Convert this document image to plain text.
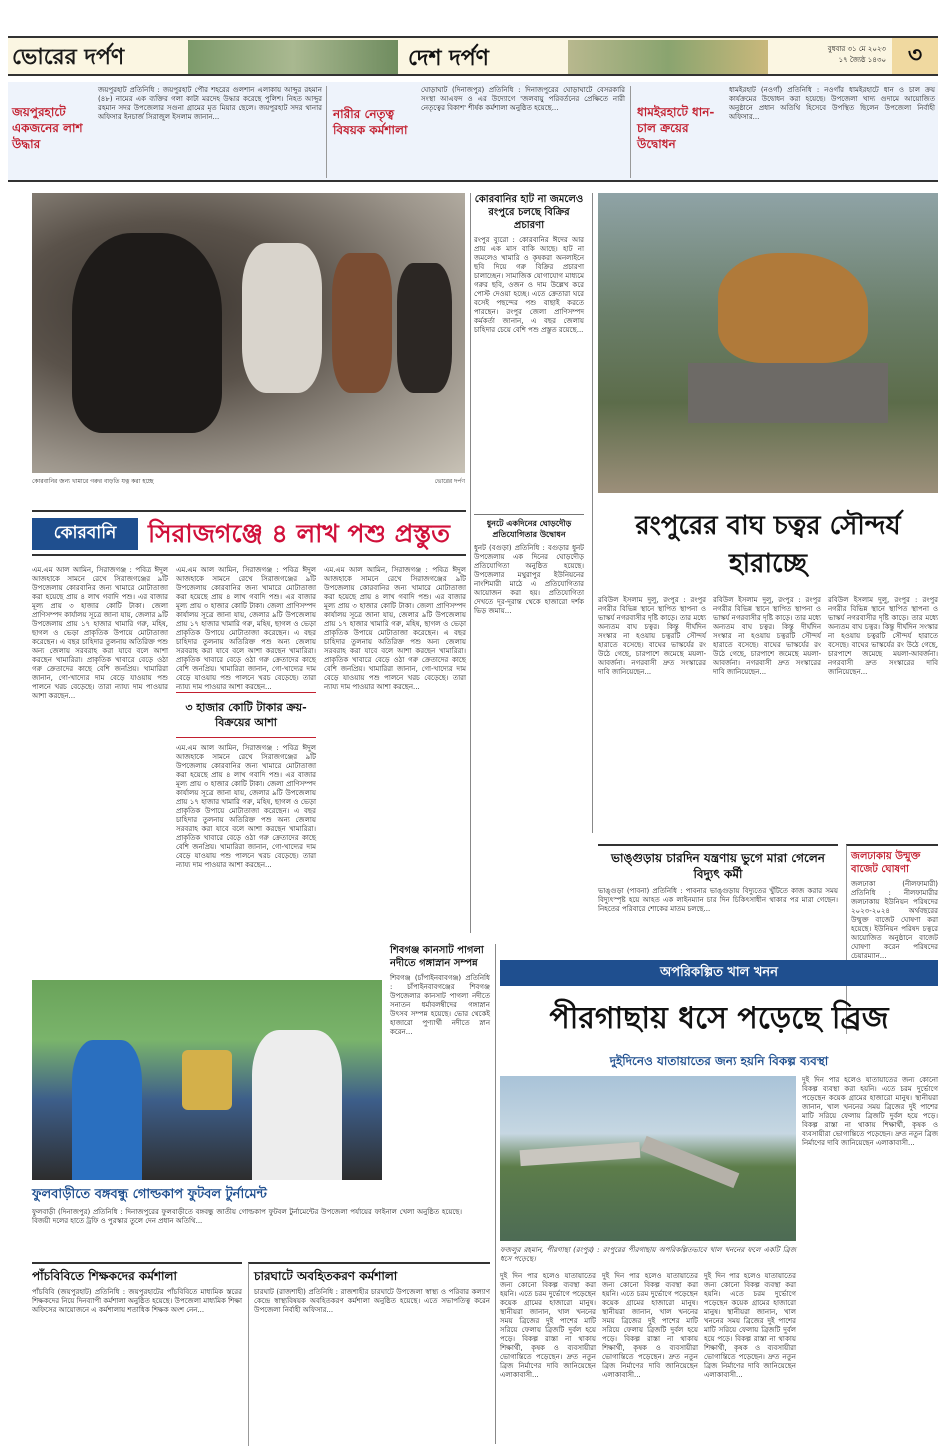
ভোরের দর্পণ	দেশ দর্পণ	বুধবার ৩১ মে ২০২৩
১৭ জ্যৈষ্ঠ ১৪৩০ ৩
জয়পুরহাটে একজনের লাশ উদ্ধার
জয়পুরহাট প্রতিনিধি : জয়পুরহাট পৌর শহরের গুলশান এলাকায় আব্দুর রহমান (৪৮) নামের এক ব্যক্তির গলা কাটা মরদেহ উদ্ধার করেছে পুলিশ। নিহত আব্দুর রহমান সদর উপজেলার সগুনা গ্রামের মৃত মিয়ার ছেলে। জয়পুরহাট সদর থানার অফিসার ইনচার্জ সিরাজুল ইসলাম জানান...	নারীর নেতৃত্ব বিষয়ক কর্মশালা
ঘোড়াঘাট (দিনাজপুর) প্রতিনিধি : দিনাজপুরের ঘোড়াঘাটে বেসরকারি সংস্থা আএফদ ও এর উদ্যোগে 'জলবায়ু পরিবর্তনের প্রেক্ষিতে নারী নেতৃত্বের বিকাশ' শীর্ষক কর্মশালা অনুষ্ঠিত হয়েছে...	ধামইরহাটে ধান-চাল ক্রয়ের উদ্বোধন
ধামইরহাট (নওগাঁ) প্রতিনিধি : নওগাঁর ধামইরহাটে ধান ও চাল ক্রয় কার্যক্রমের উদ্বোধন করা হয়েছে। উপজেলা খাদ্য গুদামে আয়োজিত অনুষ্ঠানে প্রধান অতিথি হিসেবে উপস্থিত ছিলেন উপজেলা নির্বাহী অফিসার...
কোরবানির জন্য খামারে গরুর বাড়তি যত্ন করা হচ্ছে	ভোরের দর্পণ
কোরবানি সিরাজগঞ্জে ৪ লাখ পশু প্রস্তুত
এম.এম আল আমিন, সিরাজগঞ্জ : পবিত্র ঈদুল আজহাকে সামনে রেখে সিরাজগঞ্জের ৯টি উপজেলায় কোরবানির জন্য খামারে মোটাতাজা করা হয়েছে প্রায় ৪ লাখ গবাদি পশু। এর বাজার মূল্য প্রায় ৩ হাজার কোটি টাকা। জেলা প্রাণিসম্পদ কার্যালয় সূত্রে জানা যায়, জেলার ৯টি উপজেলায় প্রায় ১৭ হাজার খামারি গরু, মহিষ, ছাগল ও ভেড়া প্রাকৃতিক উপায়ে মোটাতাজা করেছেন। এ বছর চাহিদার তুলনায় অতিরিক্ত পশু অন্য জেলায় সরবরাহ করা যাবে বলে আশা করছেন খামারিরা। প্রাকৃতিক খাবারে বেড়ে ওঠা গরু ক্রেতাদের কাছে বেশি জনপ্রিয়। খামারিরা জানান, গো-খাদ্যের দাম বেড়ে যাওয়ায় পশু পালনে খরচ বেড়েছে। তারা ন্যায্য দাম পাওয়ার আশা করছেন...
এম.এম আল আমিন, সিরাজগঞ্জ : পবিত্র ঈদুল আজহাকে সামনে রেখে সিরাজগঞ্জের ৯টি উপজেলায় কোরবানির জন্য খামারে মোটাতাজা করা হয়েছে প্রায় ৪ লাখ গবাদি পশু। এর বাজার মূল্য প্রায় ৩ হাজার কোটি টাকা। জেলা প্রাণিসম্পদ কার্যালয় সূত্রে জানা যায়, জেলার ৯টি উপজেলায় প্রায় ১৭ হাজার খামারি গরু, মহিষ, ছাগল ও ভেড়া প্রাকৃতিক উপায়ে মোটাতাজা করেছেন। এ বছর চাহিদার তুলনায় অতিরিক্ত পশু অন্য জেলায় সরবরাহ করা যাবে বলে আশা করছেন খামারিরা। প্রাকৃতিক খাবারে বেড়ে ওঠা গরু ক্রেতাদের কাছে বেশি জনপ্রিয়। খামারিরা জানান, গো-খাদ্যের দাম বেড়ে যাওয়ায় পশু পালনে খরচ বেড়েছে। তারা ন্যায্য দাম পাওয়ার আশা করছেন...
৩ হাজার কোটি টাকার ক্রয়-বিক্রয়ের আশা
এম.এম আল আমিন, সিরাজগঞ্জ : পবিত্র ঈদুল আজহাকে সামনে রেখে সিরাজগঞ্জের ৯টি উপজেলায় কোরবানির জন্য খামারে মোটাতাজা করা হয়েছে প্রায় ৪ লাখ গবাদি পশু। এর বাজার মূল্য প্রায় ৩ হাজার কোটি টাকা। জেলা প্রাণিসম্পদ কার্যালয় সূত্রে জানা যায়, জেলার ৯টি উপজেলায় প্রায় ১৭ হাজার খামারি গরু, মহিষ, ছাগল ও ভেড়া প্রাকৃতিক উপায়ে মোটাতাজা করেছেন। এ বছর চাহিদার তুলনায় অতিরিক্ত পশু অন্য জেলায় সরবরাহ করা যাবে বলে আশা করছেন খামারিরা। প্রাকৃতিক খাবারে বেড়ে ওঠা গরু ক্রেতাদের কাছে বেশি জনপ্রিয়। খামারিরা জানান, গো-খাদ্যের দাম বেড়ে যাওয়ায় পশু পালনে খরচ বেড়েছে। তারা ন্যায্য দাম পাওয়ার আশা করছেন...
এম.এম আল আমিন, সিরাজগঞ্জ : পবিত্র ঈদুল আজহাকে সামনে রেখে সিরাজগঞ্জের ৯টি উপজেলায় কোরবানির জন্য খামারে মোটাতাজা করা হয়েছে প্রায় ৪ লাখ গবাদি পশু। এর বাজার মূল্য প্রায় ৩ হাজার কোটি টাকা। জেলা প্রাণিসম্পদ কার্যালয় সূত্রে জানা যায়, জেলার ৯টি উপজেলায় প্রায় ১৭ হাজার খামারি গরু, মহিষ, ছাগল ও ভেড়া প্রাকৃতিক উপায়ে মোটাতাজা করেছেন। এ বছর চাহিদার তুলনায় অতিরিক্ত পশু অন্য জেলায় সরবরাহ করা যাবে বলে আশা করছেন খামারিরা। প্রাকৃতিক খাবারে বেড়ে ওঠা গরু ক্রেতাদের কাছে বেশি জনপ্রিয়। খামারিরা জানান, গো-খাদ্যের দাম বেড়ে যাওয়ায় পশু পালনে খরচ বেড়েছে। তারা ন্যায্য দাম পাওয়ার আশা করছেন...
কোরবানির হাট না জমলেও রংপুরে চলছে বিক্রির প্রচারণা
রংপুর ব্যুরো : কোরবানির ঈদের আর প্রায় এক মাস বাকি আছে। হাট না জমলেও খামারি ও কৃষকরা অনলাইনে ছবি দিয়ে গরু বিক্রির প্রচারণা চালাচ্ছেন। সামাজিক যোগাযোগ মাধ্যমে গরুর ছবি, ওজন ও দাম উল্লেখ করে পোস্ট দেওয়া হচ্ছে। এতে ক্রেতারা ঘরে বসেই পছন্দের পশু বাছাই করতে পারছেন। রংপুর জেলা প্রাণিসম্পদ কর্মকর্তা জানান, এ বছর জেলায় চাহিদার চেয়ে বেশি পশু প্রস্তুত রয়েছে...
ধুনটে একদিনের ঘোড়দৌড় প্রতিযোগিতার উদ্বোধন
ধুনট (বগুড়া) প্রতিনিধি : বগুড়ার ধুনট উপজেলায় এক দিনের ঘোড়দৌড় প্রতিযোগিতা অনুষ্ঠিত হয়েছে। উপজেলার মথুরাপুর ইউনিয়নের নাংশিমারী মাঠে এ প্রতিযোগিতার আয়োজন করা হয়। প্রতিযোগিতা দেখতে দূর-দূরান্ত থেকে হাজারো দর্শক ভিড় জমায়...
রংপুরের বাঘ চত্বর সৌন্দর্য হারাচ্ছে
রবিউল ইসলাম দুলু, রংপুর : রংপুর নগরীর বিভিন্ন স্থানে স্থাপিত স্থাপনা ও ভাস্কর্য নগরবাসীর দৃষ্টি কাড়ে। তার মধ্যে অন্যতম বাঘ চত্বর। কিন্তু দীর্ঘদিন সংস্কার না হওয়ায় চত্বরটি সৌন্দর্য হারাতে বসেছে। বাঘের ভাস্কর্যের রং উঠে গেছে, চারপাশে জমেছে ময়লা-আবর্জনা। নগরবাসী দ্রুত সংস্কারের দাবি জানিয়েছেন...
রবিউল ইসলাম দুলু, রংপুর : রংপুর নগরীর বিভিন্ন স্থানে স্থাপিত স্থাপনা ও ভাস্কর্য নগরবাসীর দৃষ্টি কাড়ে। তার মধ্যে অন্যতম বাঘ চত্বর। কিন্তু দীর্ঘদিন সংস্কার না হওয়ায় চত্বরটি সৌন্দর্য হারাতে বসেছে। বাঘের ভাস্কর্যের রং উঠে গেছে, চারপাশে জমেছে ময়লা-আবর্জনা। নগরবাসী দ্রুত সংস্কারের দাবি জানিয়েছেন...
রবিউল ইসলাম দুলু, রংপুর : রংপুর নগরীর বিভিন্ন স্থানে স্থাপিত স্থাপনা ও ভাস্কর্য নগরবাসীর দৃষ্টি কাড়ে। তার মধ্যে অন্যতম বাঘ চত্বর। কিন্তু দীর্ঘদিন সংস্কার না হওয়ায় চত্বরটি সৌন্দর্য হারাতে বসেছে। বাঘের ভাস্কর্যের রং উঠে গেছে, চারপাশে জমেছে ময়লা-আবর্জনা। নগরবাসী দ্রুত সংস্কারের দাবি জানিয়েছেন...
ভাঙ্গুড়ায় চারদিন যন্ত্রণায় ভুগে মারা গেলেন বিদ্যুৎ কর্মী
ভাঙ্গুড়া (পাবনা) প্রতিনিধি : পাবনার ভাঙ্গুড়ায় বিদ্যুতের খুঁটিতে কাজ করার সময় বিদ্যুৎস্পৃষ্ট হয়ে আহত এক লাইনম্যান চার দিন চিকিৎসাধীন থাকার পর মারা গেছেন। নিহতের পরিবারে শোকের মাতম চলছে...
জলঢাকায় উন্মুক্ত বাজেট ঘোষণা
জলঢাকা (নীলফামারী) প্রতিনিধি : নীলফামারীর জলঢাকায় ইউনিয়ন পরিষদের ২০২৩-২০২৪ অর্থবছরের উন্মুক্ত বাজেট ঘোষণা করা হয়েছে। ইউনিয়ন পরিষদ চত্বরে আয়োজিত অনুষ্ঠানে বাজেট ঘোষণা করেন পরিষদের চেয়ারম্যান...
ফুলবাড়ীতে বঙ্গবন্ধু গোল্ডকাপ ফুটবল টুর্নামেন্ট
ফুলবাড়ী (দিনাজপুর) প্রতিনিধি : দিনাজপুরের ফুলবাড়ীতে বঙ্গবন্ধু জাতীয় গোল্ডকাপ ফুটবল টুর্নামেন্টের উপজেলা পর্যায়ের ফাইনাল খেলা অনুষ্ঠিত হয়েছে। বিজয়ী দলের হাতে ট্রফি ও পুরস্কার তুলে দেন প্রধান অতিথি...
শিবগঞ্জ কানসাট পাগলা নদীতে গঙ্গাস্নান সম্পন্ন
শিবগঞ্জ (চাঁপাইনবাবগঞ্জ) প্রতিনিধি : চাঁপাইনবাবগঞ্জের শিবগঞ্জ উপজেলার কানসাট পাগলা নদীতে সনাতন ধর্মাবলম্বীদের গঙ্গাস্নান উৎসব সম্পন্ন হয়েছে। ভোর থেকেই হাজারো পুণ্যার্থী নদীতে স্নান করেন...
অপরিকল্পিত খাল খনন
পীরগাছায় ধসে পড়েছে ব্রিজ
দুইদিনেও যাতায়াতের জন্য হয়নি বিকল্প ব্যবস্থা
ফজলুর রহমান, পীরগাছা (রংপুর) : রংপুরের পীরগাছায় অপরিকল্পিতভাবে খাল খননের ফলে একটি ব্রিজ ধসে পড়েছে।
দুই দিন পার হলেও যাতায়াতের জন্য কোনো বিকল্প ব্যবস্থা করা হয়নি। এতে চরম দুর্ভোগে পড়েছেন কয়েক গ্রামের হাজারো মানুষ। স্থানীয়রা জানান, খাল খননের সময় ব্রিজের দুই পাশের মাটি সরিয়ে ফেলায় ব্রিজটি দুর্বল হয়ে পড়ে। বিকল্প রাস্তা না থাকায় শিক্ষার্থী, কৃষক ও ব্যবসায়ীরা ভোগান্তিতে পড়েছেন। দ্রুত নতুন ব্রিজ নির্মাণের দাবি জানিয়েছেন এলাকাবাসী...
দুই দিন পার হলেও যাতায়াতের জন্য কোনো বিকল্প ব্যবস্থা করা হয়নি। এতে চরম দুর্ভোগে পড়েছেন কয়েক গ্রামের হাজারো মানুষ। স্থানীয়রা জানান, খাল খননের সময় ব্রিজের দুই পাশের মাটি সরিয়ে ফেলায় ব্রিজটি দুর্বল হয়ে পড়ে। বিকল্প রাস্তা না থাকায় শিক্ষার্থী, কৃষক ও ব্যবসায়ীরা ভোগান্তিতে পড়েছেন। দ্রুত নতুন ব্রিজ নির্মাণের দাবি জানিয়েছেন এলাকাবাসী...
দুই দিন পার হলেও যাতায়াতের জন্য কোনো বিকল্প ব্যবস্থা করা হয়নি। এতে চরম দুর্ভোগে পড়েছেন কয়েক গ্রামের হাজারো মানুষ। স্থানীয়রা জানান, খাল খননের সময় ব্রিজের দুই পাশের মাটি সরিয়ে ফেলায় ব্রিজটি দুর্বল হয়ে পড়ে। বিকল্প রাস্তা না থাকায় শিক্ষার্থী, কৃষক ও ব্যবসায়ীরা ভোগান্তিতে পড়েছেন। দ্রুত নতুন ব্রিজ নির্মাণের দাবি জানিয়েছেন এলাকাবাসী...
দুই দিন পার হলেও যাতায়াতের জন্য কোনো বিকল্প ব্যবস্থা করা হয়নি। এতে চরম দুর্ভোগে পড়েছেন কয়েক গ্রামের হাজারো মানুষ। স্থানীয়রা জানান, খাল খননের সময় ব্রিজের দুই পাশের মাটি সরিয়ে ফেলায় ব্রিজটি দুর্বল হয়ে পড়ে। বিকল্প রাস্তা না থাকায় শিক্ষার্থী, কৃষক ও ব্যবসায়ীরা ভোগান্তিতে পড়েছেন। দ্রুত নতুন ব্রিজ নির্মাণের দাবি জানিয়েছেন এলাকাবাসী...
পাঁচবিবিতে শিক্ষকদের কর্মশালা
পাঁচবিবি (জয়পুরহাট) প্রতিনিধি : জয়পুরহাটের পাঁচবিবিতে মাধ্যমিক স্তরের শিক্ষকদের নিয়ে দিনব্যাপী কর্মশালা অনুষ্ঠিত হয়েছে। উপজেলা মাধ্যমিক শিক্ষা অফিসের আয়োজনে এ কর্মশালায় শতাধিক শিক্ষক অংশ নেন...
চারঘাটে অবহিতকরণ কর্মশালা
চারঘাট (রাজশাহী) প্রতিনিধি : রাজশাহীর চারঘাটে উপজেলা স্বাস্থ্য ও পরিবার কল্যাণ কেন্দ্রে স্বাস্থ্যবিষয়ক অবহিতকরণ কর্মশালা অনুষ্ঠিত হয়েছে। এতে সভাপতিত্ব করেন উপজেলা নির্বাহী অফিসার...
